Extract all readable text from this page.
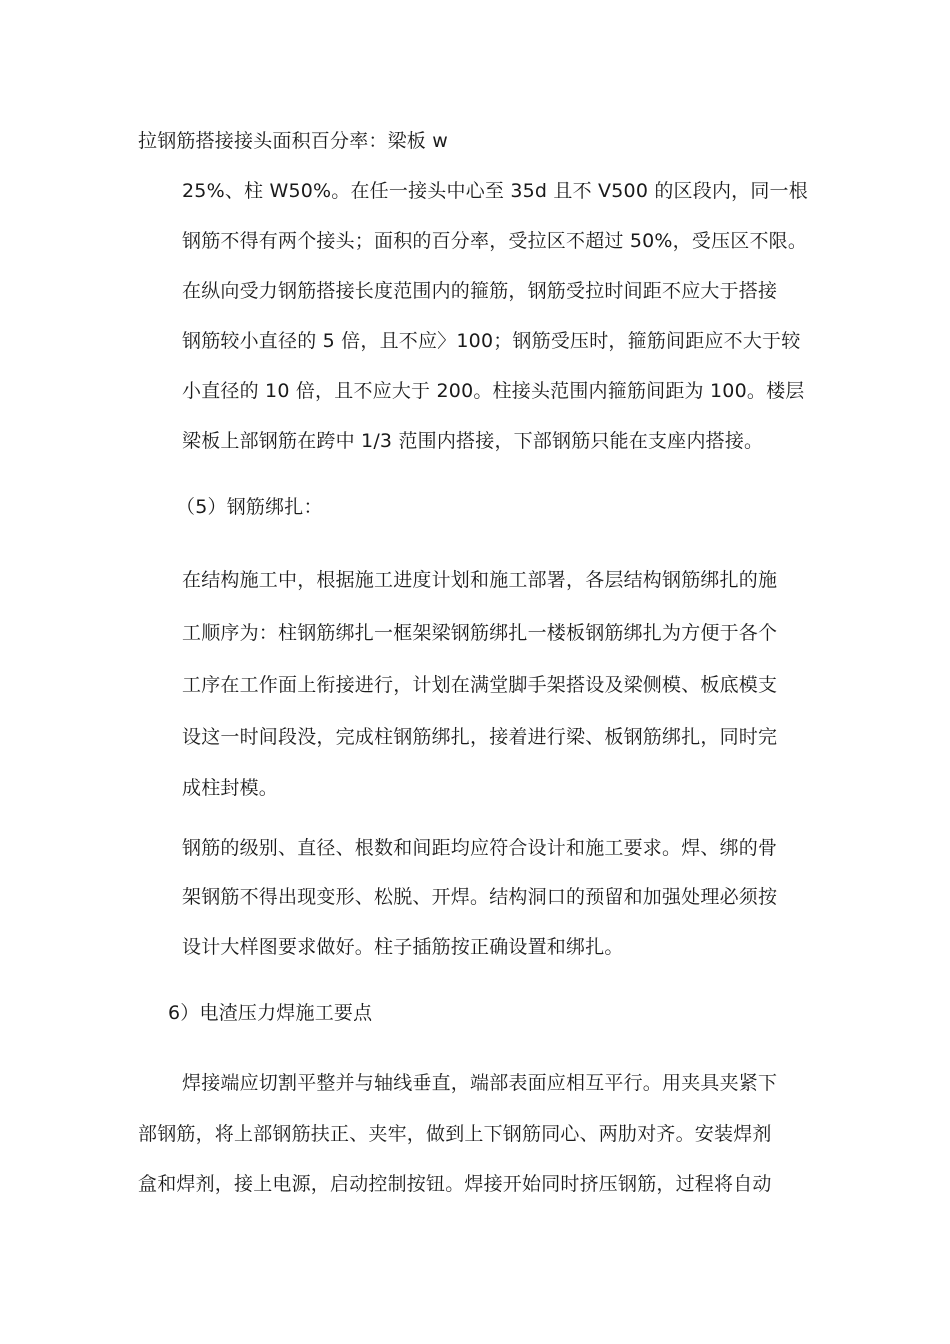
拉钢筋搭接接头面积百分率：梁板 w
25%、柱 W50%。在任一接头中心至 35d 且不 V500 的区段内，同一根
钢筋不得有两个接头；面积的百分率，受拉区不超过 50%，受压区不限。
在纵向受力钢筋搭接长度范围内的箍筋，钢筋受拉时间距不应大于搭接
钢筋较小直径的 5 倍，且不应〉100；钢筋受压时，箍筋间距应不大于较
小直径的 10 倍，且不应大于 200。柱接头范围内箍筋间距为 100。楼层
梁板上部钢筋在跨中 1/3 范围内搭接，下部钢筋只能在支座内搭接。
（5）钢筋绑扎：
在结构施工中，根据施工进度计划和施工部署，各层结构钢筋绑扎的施
工顺序为：柱钢筋绑扎一框架梁钢筋绑扎一楼板钢筋绑扎为方便于各个
工序在工作面上衔接进行，计划在满堂脚手架搭设及梁侧模、板底模支
设这一时间段没，完成柱钢筋绑扎，接着进行梁、板钢筋绑扎，同时完
成柱封模。
钢筋的级别、直径、根数和间距均应符合设计和施工要求。焊、绑的骨
架钢筋不得出现变形、松脱、开焊。结构洞口的预留和加强处理必须按
设计大样图要求做好。柱子插筋按正确设置和绑扎。
6）电渣压力焊施工要点
焊接端应切割平整并与轴线垂直，端部表面应相互平行。用夹具夹紧下
部钢筋，将上部钢筋扶正、夹牢，做到上下钢筋同心、两肋对齐。安装焊剂
盒和焊剂，接上电源，启动控制按钮。焊接开始同时挤压钢筋，过程将自动
